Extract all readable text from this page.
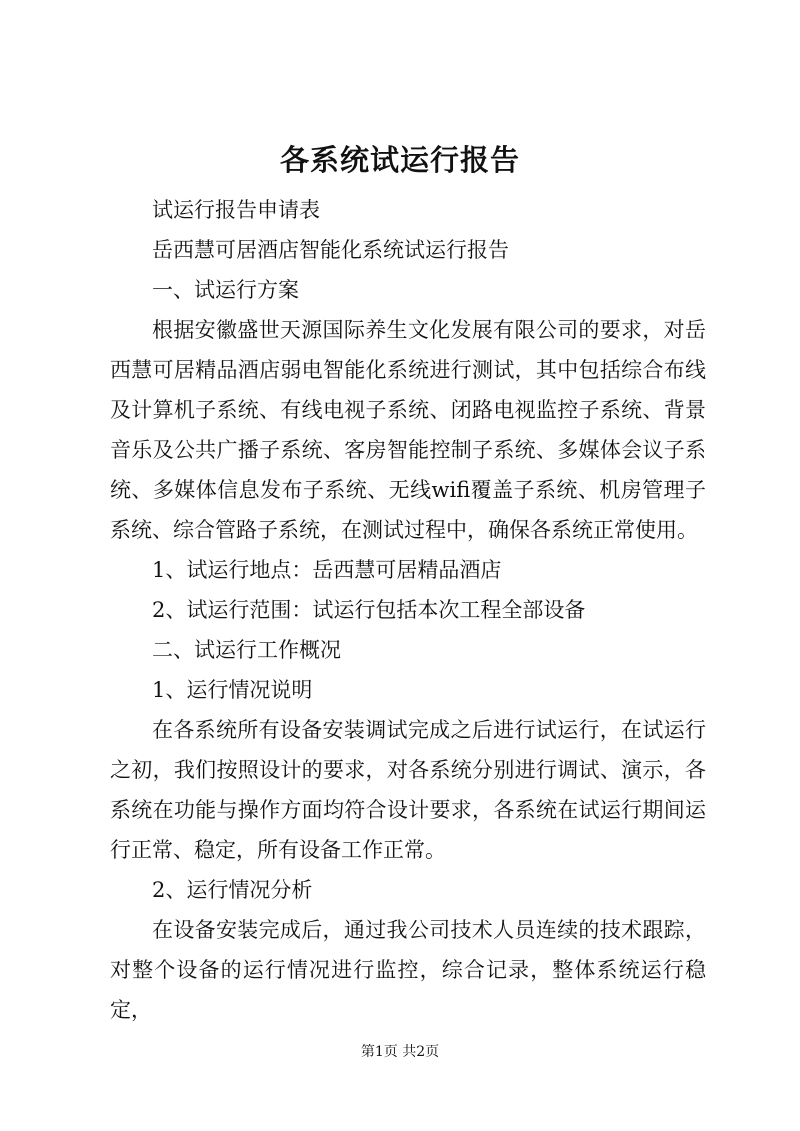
各系统试运行报告

试运行报告申请表

岳西慧可居酒店智能化系统试运行报告

一、试运行方案

根据安徽盛世天源国际养生文化发展有限公司的要求，对岳西慧可居精品酒店弱电智能化系统进行测试，其中包括综合布线及计算机子系统、有线电视子系统、闭路电视监控子系统、背景音乐及公共广播子系统、客房智能控制子系统、多媒体会议子系统、多媒体信息发布子系统、无线wifi覆盖子系统、机房管理子系统、综合管路子系统，在测试过程中，确保各系统正常使用。

1、试运行地点：岳西慧可居精品酒店

2、试运行范围：试运行包括本次工程全部设备

二、试运行工作概况

1、运行情况说明

在各系统所有设备安装调试完成之后进行试运行，在试运行之初，我们按照设计的要求，对各系统分别进行调试、演示，各系统在功能与操作方面均符合设计要求，各系统在试运行期间运行正常、稳定，所有设备工作正常。

2、运行情况分析

在设备安装完成后，通过我公司技术人员连续的技术跟踪，对整个设备的运行情况进行监控，综合记录，整体系统运行稳定，

第1页 共2页
